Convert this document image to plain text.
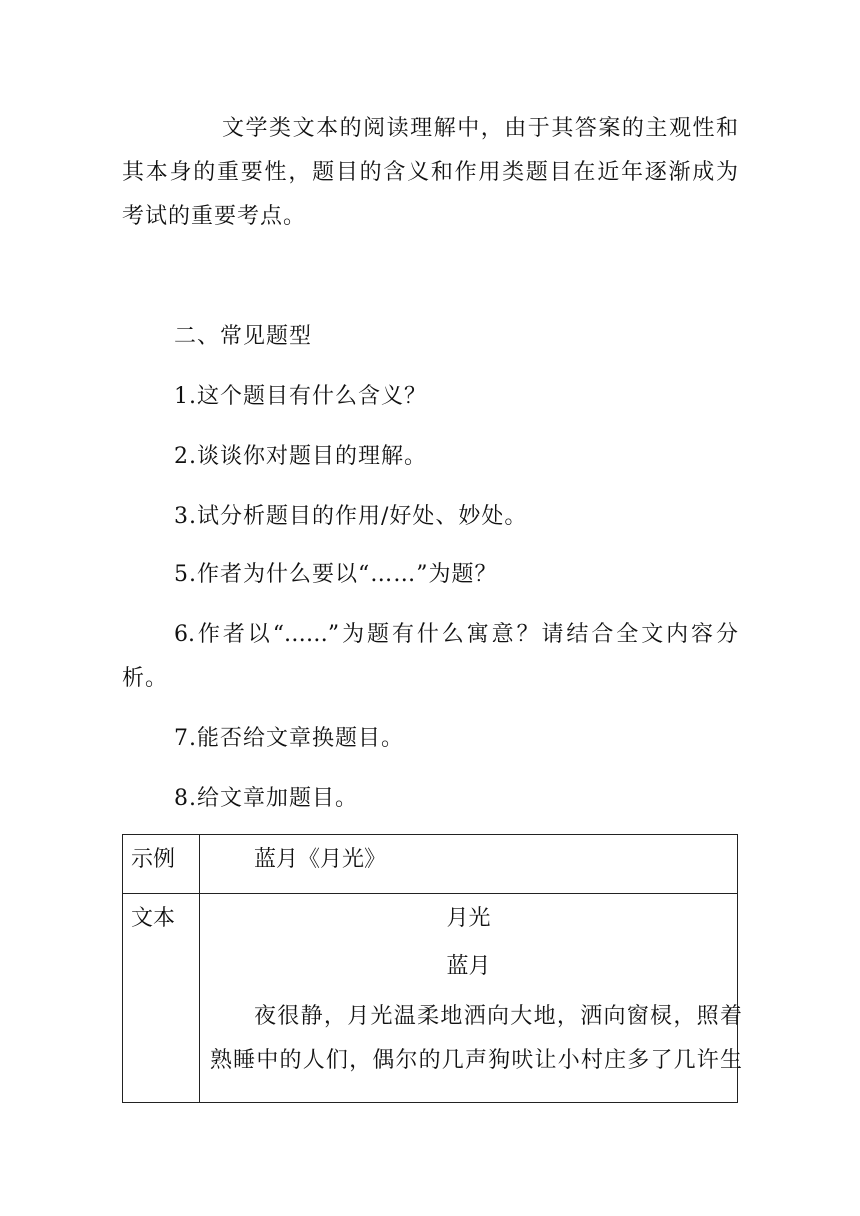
文学类文本的阅读理解中，由于其答案的主观性和
其本身的重要性，题目的含义和作用类题目在近年逐渐成为
考试的重要考点。
二、常见题型
1.这个题目有什么含义？
2.谈谈你对题目的理解。
3.试分析题目的作用/好处、妙处。
5.作者为什么要以“……”为题？
6.作者以“……”为题有什么寓意？请结合全文内容分
析。
7.能否给文章换题目。
8.给文章加题目。
示例	蓝月《月光》

文本	月光
蓝月
夜很静，月光温柔地洒向大地，洒向窗棂，照着
熟睡中的人们，偶尔的几声狗吠让小村庄多了几许生
